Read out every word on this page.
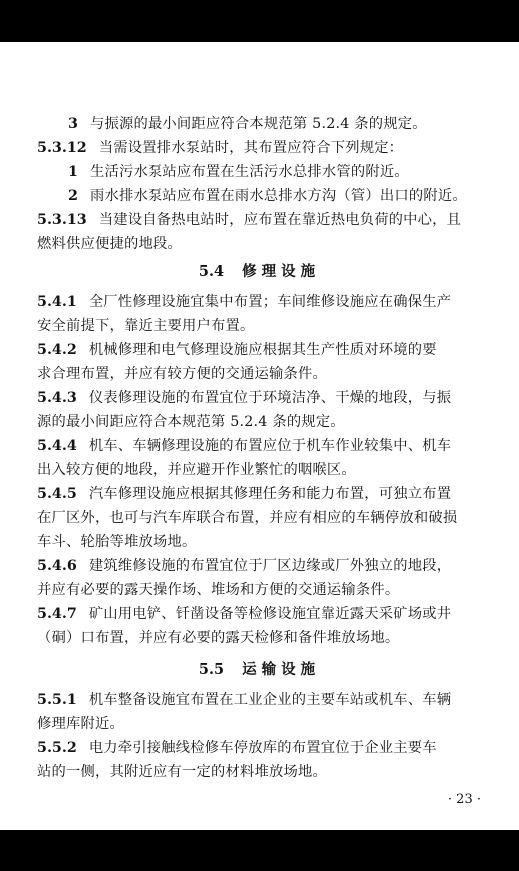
3 与振源的最小间距应符合本规范第 5.2.4 条的规定。
5.3.12 当需设置排水泵站时，其布置应符合下列规定：
1 生活污水泵站应布置在生活污水总排水管的附近。
2 雨水排水泵站应布置在雨水总排水方沟（管）出口的附近。
5.3.13 当建设自备热电站时，应布置在靠近热电负荷的中心，且
燃料供应便捷的地段。
5.4 修理设施
5.4.1 全厂性修理设施宜集中布置；车间维修设施应在确保生产
安全前提下，靠近主要用户布置。
5.4.2 机械修理和电气修理设施应根据其生产性质对环境的要
求合理布置，并应有较方便的交通运输条件。
5.4.3 仪表修理设施的布置宜位于环境洁净、干燥的地段，与振
源的最小间距应符合本规范第 5.2.4 条的规定。
5.4.4 机车、车辆修理设施的布置应位于机车作业较集中、机车
出入较方便的地段，并应避开作业繁忙的咽喉区。
5.4.5 汽车修理设施应根据其修理任务和能力布置，可独立布置
在厂区外，也可与汽车库联合布置，并应有相应的车辆停放和破损
车斗、轮胎等堆放场地。
5.4.6 建筑维修设施的布置宜位于厂区边缘或厂外独立的地段，
并应有必要的露天操作场、堆场和方便的交通运输条件。
5.4.7 矿山用电铲、钎凿设备等检修设施宜靠近露天采矿场或井
（硐）口布置，并应有必要的露天检修和备件堆放场地。
5.5 运输设施
5.5.1 机车整备设施宜布置在工业企业的主要车站或机车、车辆
修理库附近。
5.5.2 电力牵引接触线检修车停放库的布置宜位于企业主要车
站的一侧，其附近应有一定的材料堆放场地。
· 23 ·
